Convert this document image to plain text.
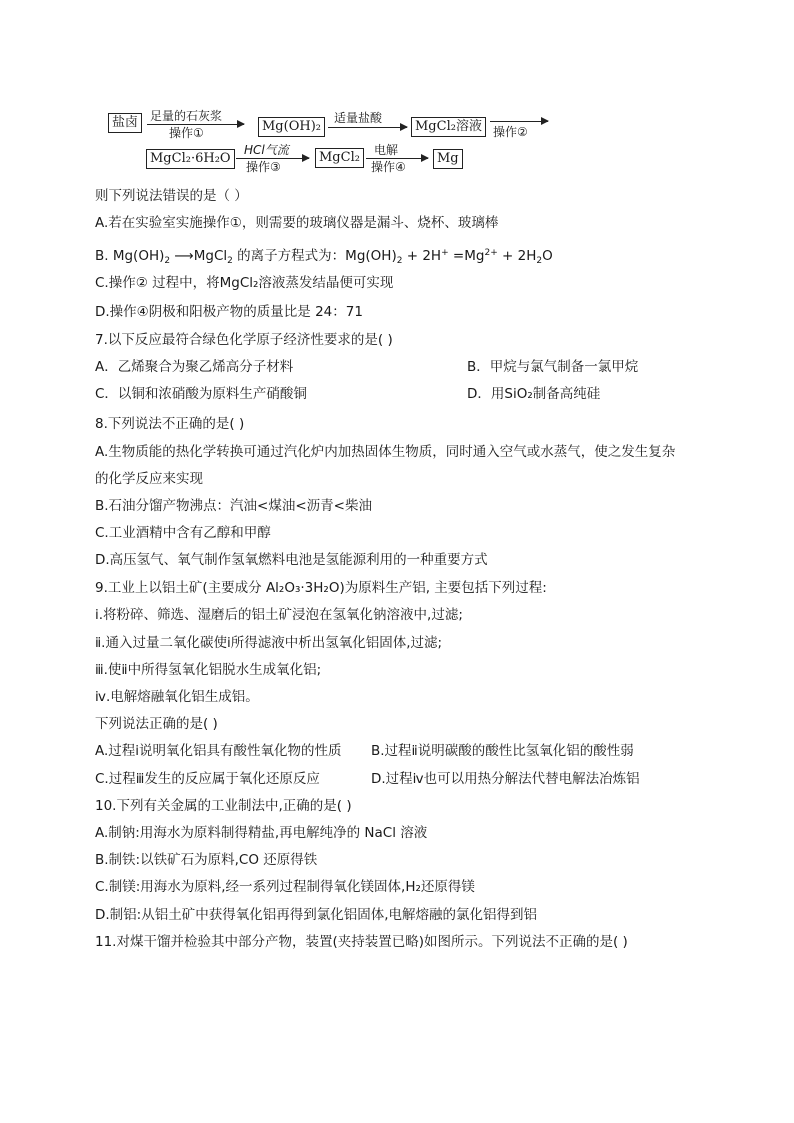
盐卤 足量的石灰浆
操作①	Mg(OH)₂
适量盐酸
MgCl₂溶液 操作②
MgCl₂·6H₂O
HCl气流
操作③
MgCl₂	电解
操作④
Mg
则下列说法错误的是（ ）
A.若在实验室实施操作①，则需要的玻璃仪器是漏斗、烧杯、玻璃棒
B. $Mg(OH)_2$ ⟶MgCl$_2$ 的离子方程式为：$Mg(OH)_2 + 2H^+ =Mg^{2+} + 2H_2O$
C.操作② 过程中，将MgCl₂溶液蒸发结晶便可实现
D.操作④阴极和阳极产物的质量比是 24：71
7.以下反应最符合绿色化学原子经济性要求的是( )
A．乙烯聚合为聚乙烯高分子材料	B．甲烷与氯气制备一氯甲烷
C．以铜和浓硝酸为原料生产硝酸铜	D．用SiO₂制备高纯硅
8.下列说法不正确的是( )
A.生物质能的热化学转换可通过汽化炉内加热固体生物质，同时通入空气或水蒸气，使之发生复杂
的化学反应来实现
B.石油分馏产物沸点：汽油<煤油<沥青<柴油
C.工业酒精中含有乙醇和甲醇
D.高压氢气、氧气制作氢氧燃料电池是氢能源利用的一种重要方式
9.工业上以铝土矿(主要成分 Al₂O₃·3H₂O)为原料生产铝, 主要包括下列过程:
ⅰ.将粉碎、筛选、湿磨后的铝土矿浸泡在氢氧化钠溶液中,过滤;
ⅱ.通入过量二氧化碳使ⅰ所得滤液中析出氢氧化铝固体,过滤;
ⅲ.使ⅱ中所得氢氧化铝脱水生成氧化铝;
ⅳ.电解熔融氧化铝生成铝。
下列说法正确的是( )
A.过程ⅰ说明氧化铝具有酸性氧化物的性质 B.过程ⅱ说明碳酸的酸性比氢氧化铝的酸性弱
C.过程ⅲ发生的反应属于氧化还原反应	D.过程ⅳ也可以用热分解法代替电解法冶炼铝
10.下列有关金属的工业制法中,正确的是( )
A.制钠:用海水为原料制得精盐,再电解纯净的 NaCl 溶液
B.制铁:以铁矿石为原料,CO 还原得铁
C.制镁:用海水为原料,经一系列过程制得氧化镁固体,H₂还原得镁
D.制铝:从铝土矿中获得氧化铝再得到氯化铝固体,电解熔融的氯化铝得到铝
11.对煤干馏并检验其中部分产物，装置(夹持装置已略)如图所示。下列说法不正确的是( )
